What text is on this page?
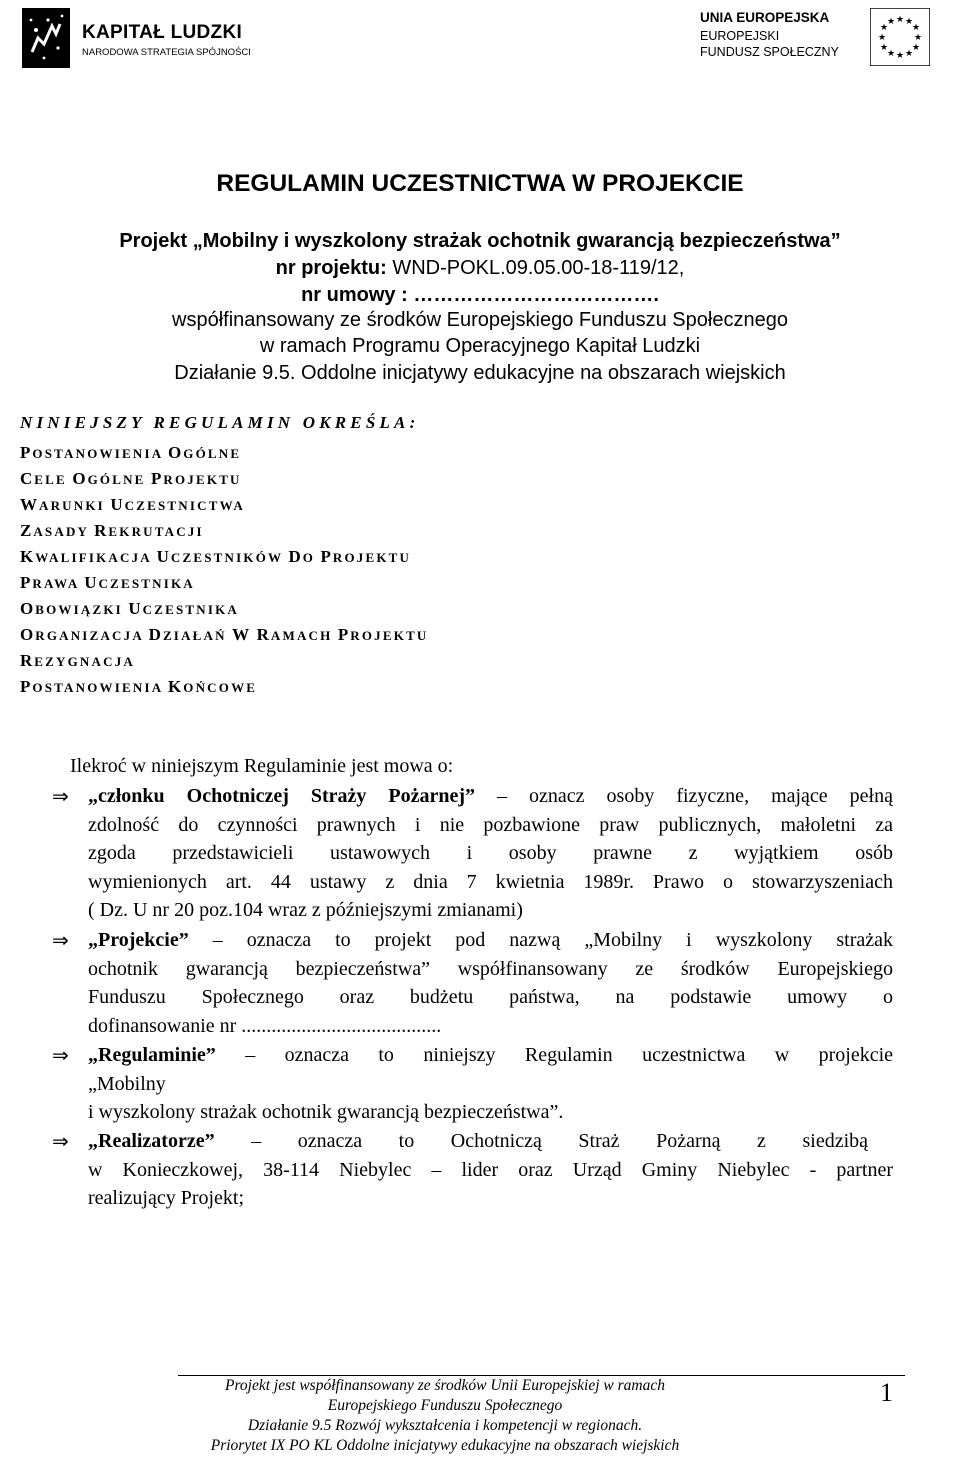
KAPITAŁ LUDZKI
NARODOWA STRATEGIA SPÓJNOŚCI
UNIA EUROPEJSKA
EUROPEJSKI
FUNDUSZ SPOŁECZNY
★ ★
★
★
★
★
★
★
★
★
★
★
REGULAMIN UCZESTNICTWA W PROJEKCIE
Projekt „Mobilny i wyszkolony strażak ochotnik gwarancją bezpieczeństwa”
nr projektu: WND-POKL.09.05.00-18-119/12,
nr umowy : ……………………………….
współfinansowany ze środków Europejskiego Funduszu Społecznego
w ramach Programu Operacyjnego Kapitał Ludzki
Działanie 9.5. Oddolne inicjatywy edukacyjne na obszarach wiejskich
NINIEJSZY REGULAMIN OKREŚLA:
POSTANOWIENIA OGÓLNE
CELE OGÓLNE PROJEKTU
WARUNKI UCZESTNICTWA
ZASADY REKRUTACJI
KWALIFIKACJA UCZESTNIKÓW DO PROJEKTU
PRAWA UCZESTNIKA
OBOWIĄZKI UCZESTNIKA
ORGANIZACJA DZIAŁAŃ W RAMACH PROJEKTU
REZYGNACJA
POSTANOWIENIA KOŃCOWE
Ilekroć w niniejszym Regulaminie jest mowa o:
⇒ „członku Ochotniczej Straży Pożarnej” – oznacz osoby fizyczne, mające pełną
zdolność do czynności prawnych i nie pozbawione praw publicznych, małoletni za
zgoda przedstawicieli ustawowych i osoby prawne z wyjątkiem osób
wymienionych art. 44 ustawy z dnia 7 kwietnia 1989r. Prawo o stowarzyszeniach
( Dz. U nr 20 poz.104 wraz z późniejszymi zmianami)
⇒ „Projekcie” – oznacza to projekt pod nazwą „Mobilny i wyszkolony strażak
ochotnik gwarancją bezpieczeństwa” współfinansowany ze środków Europejskiego
Funduszu Społecznego oraz budżetu państwa, na podstawie umowy o
dofinansowanie nr ........................................
⇒ „Regulaminie” – oznacza to niniejszy Regulamin uczestnictwa w projekcie
„Mobilny
i wyszkolony strażak ochotnik gwarancją bezpieczeństwa”.
⇒ „Realizatorze” – oznacza to Ochotniczą Straż Pożarną z siedzibą
w Konieczkowej, 38-114 Niebylec – lider oraz Urząd Gminy Niebylec - partner
realizujący Projekt;
Projekt jest współfinansowany ze środków Unii Europejskiej w ramach
Europejskiego Funduszu Społecznego
Działanie 9.5 Rozwój wykształcenia i kompetencji w regionach.
Priorytet IX PO KL Oddolne inicjatywy edukacyjne na obszarach wiejskich
1
